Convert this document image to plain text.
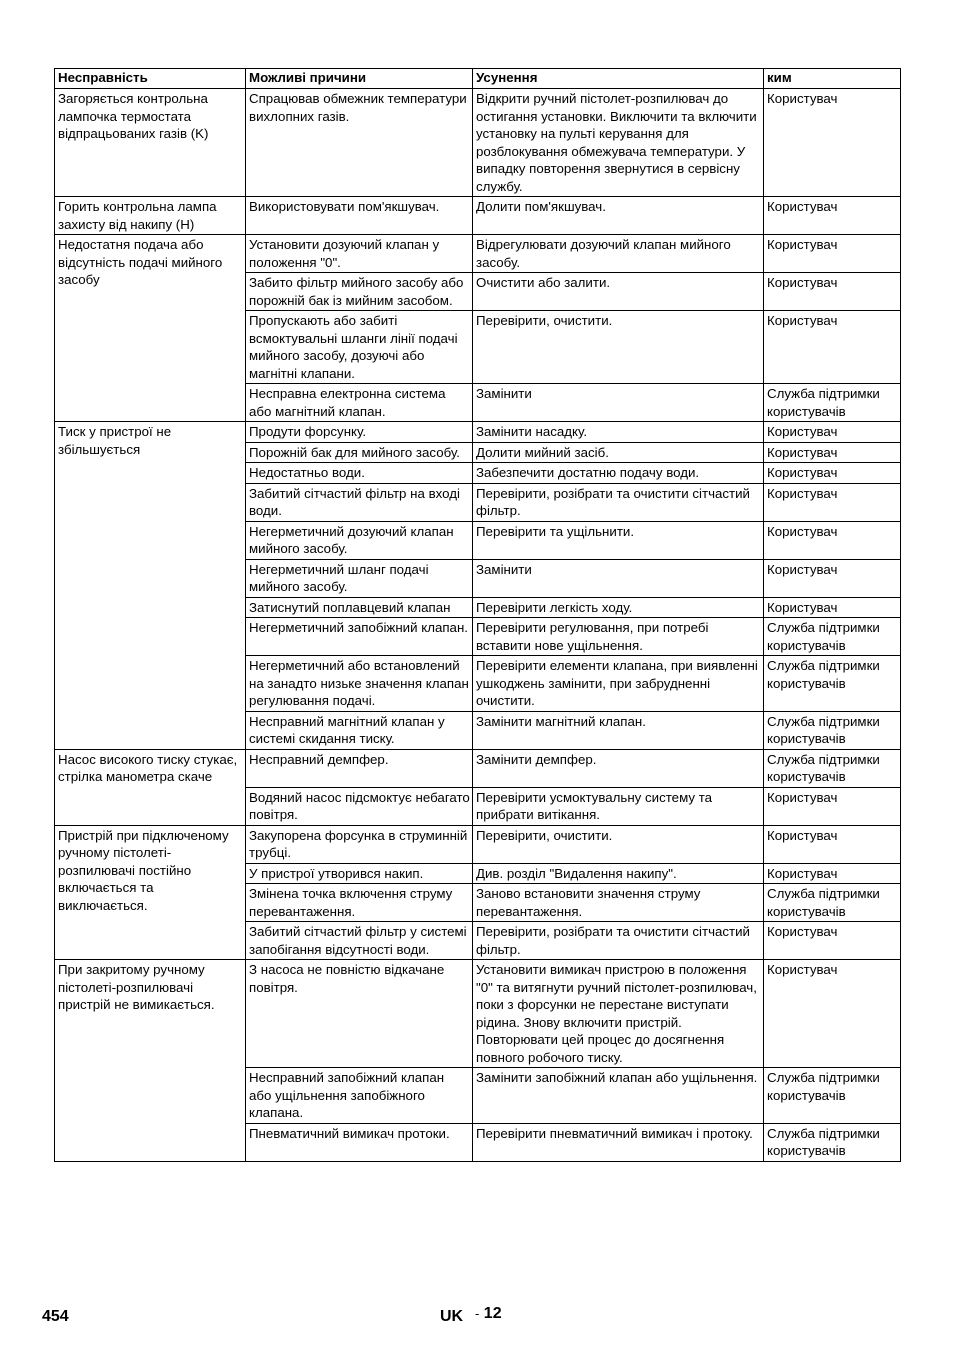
Несправність	Можливі причини	Усунення	ким
Загоряється контрольна лампочка термостата відпрацьованих газів (K)	Спрацював обмежник температури вихлопних газів.	Відкрити ручний пістолет-розпилювач до остигання установки. Виключити та включити установку на пульті керування для розблокування обмежувача температури. У випадку повторення звернутися в сервісну службу.	Користувач
Горить контрольна лампа захисту від накипу (H)	Використовувати пом'якшувач.	Долити пом'якшувач.	Користувач
Недостатня подача або відсутність подачі мийного засобу	Установити дозуючий клапан у положення "0".	Відрегулювати дозуючий клапан мийного засобу.	Користувач
	Забито фільтр мийного засобу або порожній бак із мийним засобом.	Очистити або залити.	Користувач
	Пропускають або забиті всмоктувальні шланги лінії подачі мийного засобу, дозуючі або магнітні клапани.	Перевірити, очистити.	Користувач
	Несправна електронна система або магнітний клапан.	Замінити	Служба підтримки користувачів
Тиск у пристрої не збільшується	Продути форсунку.	Замінити насадку.	Користувач
	Порожній бак для мийного засобу.	Долити мийний засіб.	Користувач
	Недостатньо води.	Забезпечити достатню подачу води.	Користувач
	Забитий сітчастий фільтр на вході води.	Перевірити, розібрати та очистити сітчастий фільтр.	Користувач
	Негерметичний дозуючий клапан мийного засобу.	Перевірити та ущільнити.	Користувач
	Негерметичний шланг подачі мийного засобу.	Замінити	Користувач
	Затиснутий поплавцевий клапан	Перевірити легкість ходу.	Користувач
	Негерметичний запобіжний клапан.	Перевірити регулювання, при потребі вставити нове ущільнення.	Служба підтримки користувачів
	Негерметичний або встановлений на занадто низьке значення клапан регулювання подачі.	Перевірити елементи клапана, при виявленні ушкоджень замінити, при забрудненні очистити.	Служба підтримки користувачів
	Несправний магнітний клапан у системі скидання тиску.	Замінити магнітний клапан.	Служба підтримки користувачів
Насос високого тиску стукає, стрілка манометра скаче	Несправний демпфер.	Замінити демпфер.	Служба підтримки користувачів
	Водяний насос підсмоктує небагато повітря.	Перевірити усмоктувальну систему та прибрати витікання.	Користувач
Пристрій при підключеному ручному пістолеті-розпилювачі постійно включається та виключається.	Закупорена форсунка в струминній трубці.	Перевірити, очистити.	Користувач
	У пристрої утворився накип.	Див. розділ "Видалення накипу".	Користувач
	Змінена точка включення струму перевантаження.	Заново встановити значення струму перевантаження.	Служба підтримки користувачів
	Забитий сітчастий фільтр у системі запобігання відсутності води.	Перевірити, розібрати та очистити сітчастий фільтр.	Користувач
При закритому ручному пістолеті-розпилювачі пристрій не вимикається.	З насоса не повністю відкачане повітря.	Установити вимикач пристрою в положення "0" та витягнути ручний пістолет-розпилювач, поки з форсунки не перестане виступати рідина. Знову включити пристрій. Повторювати цей процес до досягнення повного робочого тиску.	Користувач
	Несправний запобіжний клапан або ущільнення запобіжного клапана.	Замінити запобіжний клапан або ущільнення.	Служба підтримки користувачів
	Пневматичний вимикач протоки.	Перевірити пневматичний вимикач і протоку.	Служба підтримки користувачів
454	UK - 12
